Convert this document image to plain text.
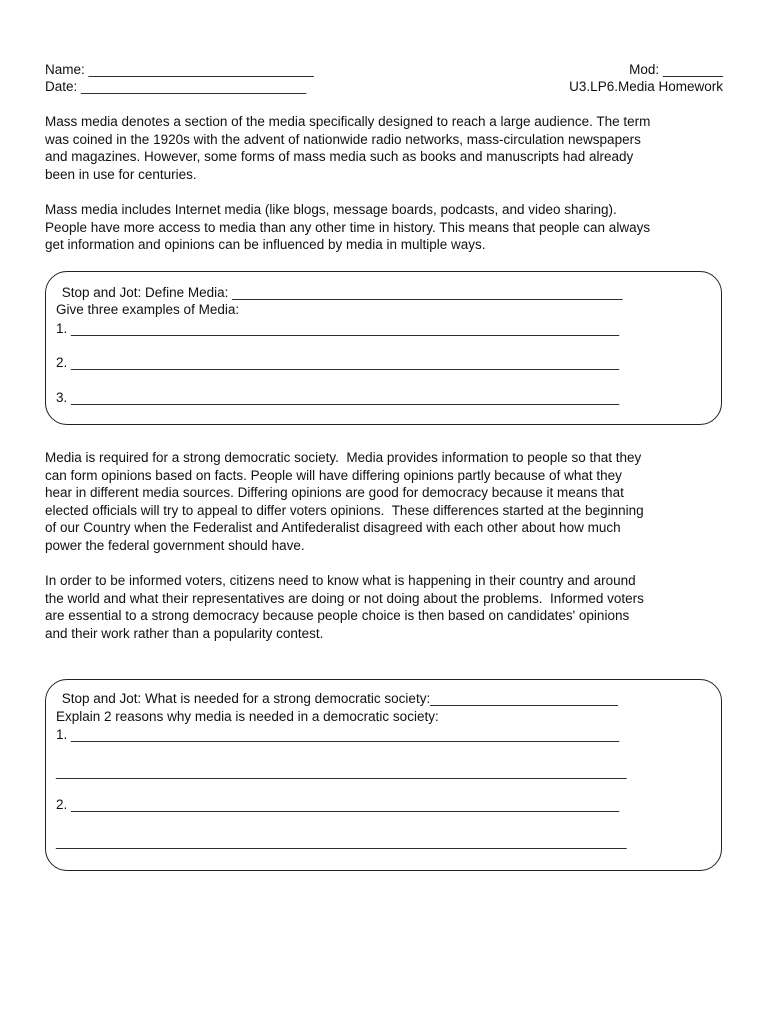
Name: ______________________________
Date: ______________________________
Mod: ________
U3.LP6.Media Homework
Mass media denotes a section of the media specifically designed to reach a large audience. The term
was coined in the 1920s with the advent of nationwide radio networks, mass-circulation newspapers
and magazines. However, some forms of mass media such as books and manuscripts had already
been in use for centuries.
Mass media includes Internet media (like blogs, message boards, podcasts, and video sharing).
People have more access to media than any other time in history. This means that people can always
get information and opinions can be influenced by media in multiple ways.
Stop and Jot: Define Media: ____________________________________________________
Give three examples of Media:
1. _________________________________________________________________________
2. _________________________________________________________________________
3. _________________________________________________________________________
Media is required for a strong democratic society.  Media provides information to people so that they
can form opinions based on facts. People will have differing opinions partly because of what they
hear in different media sources. Differing opinions are good for democracy because it means that
elected officials will try to appeal to differ voters opinions.  These differences started at the beginning
of our Country when the Federalist and Antifederalist disagreed with each other about how much
power the federal government should have.
In order to be informed voters, citizens need to know what is happening in their country and around
the world and what their representatives are doing or not doing about the problems.  Informed voters
are essential to a strong democracy because people choice is then based on candidates' opinions
and their work rather than a popularity contest.
Stop and Jot: What is needed for a strong democratic society:_________________________
Explain 2 reasons why media is needed in a democratic society:
1. _________________________________________________________________________
____________________________________________________________________________
2. _________________________________________________________________________
____________________________________________________________________________
